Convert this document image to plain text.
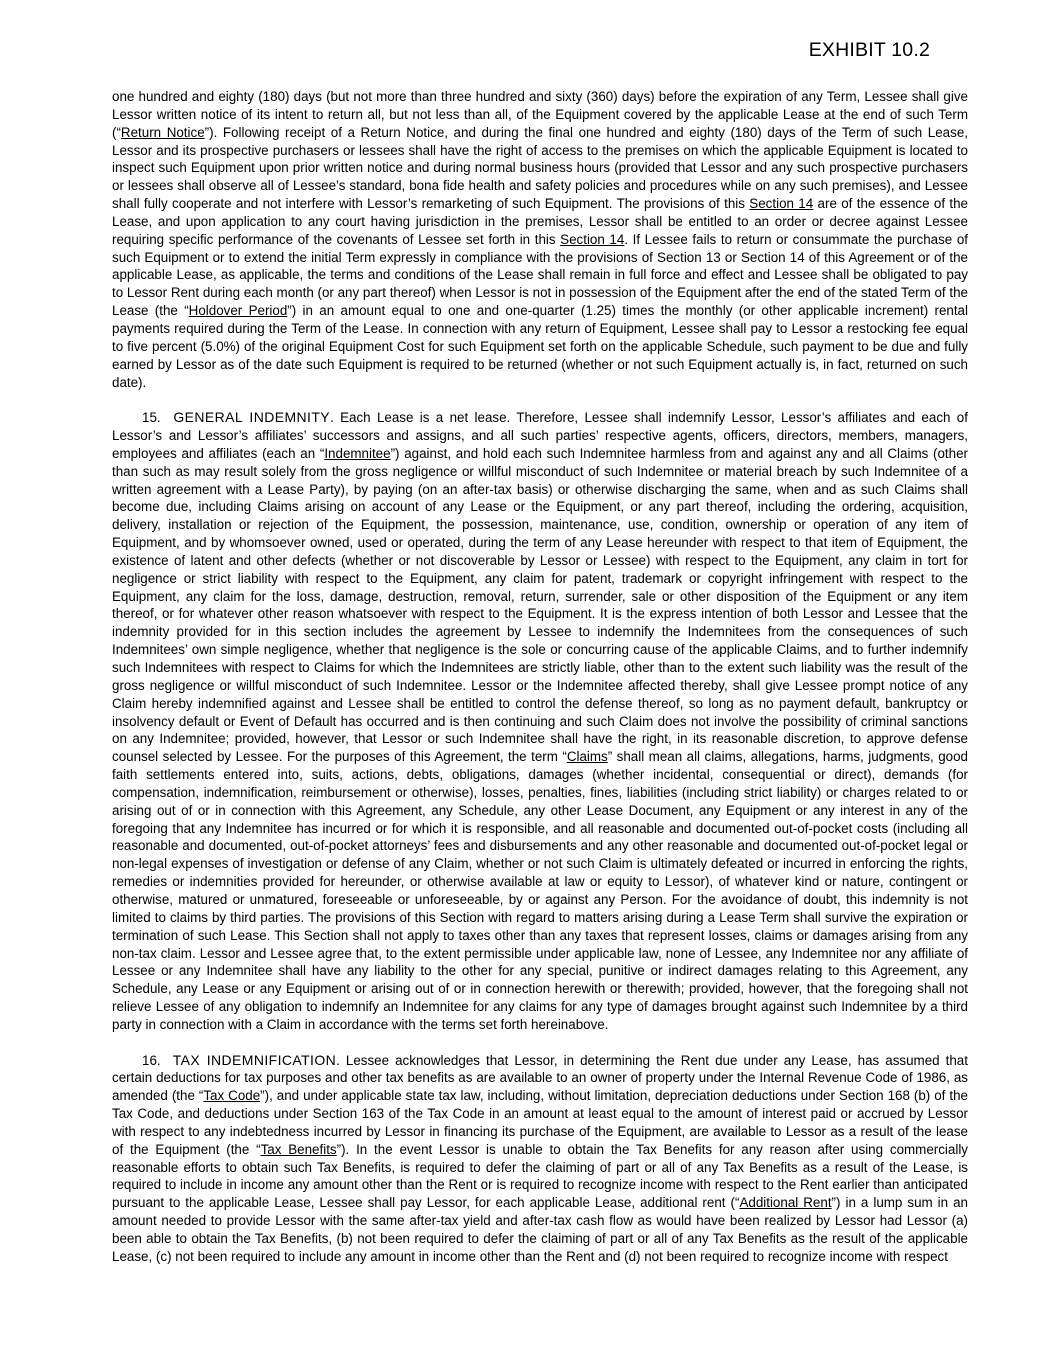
EXHIBIT 10.2

one hundred and eighty (180) days (but not more than three hundred and sixty (360) days) before the expiration of any Term, Lessee shall give Lessor written notice of its intent to return all, but not less than all, of the Equipment covered by the applicable Lease at the end of such Term (“Return Notice”). Following receipt of a Return Notice, and during the final one hundred and eighty (180) days of the Term of such Lease, Lessor and its prospective purchasers or lessees shall have the right of access to the premises on which the applicable Equipment is located to inspect such Equipment upon prior written notice and during normal business hours (provided that Lessor and any such prospective purchasers or lessees shall observe all of Lessee’s standard, bona fide health and safety policies and procedures while on any such premises), and Lessee shall fully cooperate and not interfere with Lessor’s remarketing of such Equipment. The provisions of this Section 14 are of the essence of the Lease, and upon application to any court having jurisdiction in the premises, Lessor shall be entitled to an order or decree against Lessee requiring specific performance of the covenants of Lessee set forth in this Section 14. If Lessee fails to return or consummate the purchase of such Equipment or to extend the initial Term expressly in compliance with the provisions of Section 13 or Section 14 of this Agreement or of the applicable Lease, as applicable, the terms and conditions of the Lease shall remain in full force and effect and Lessee shall be obligated to pay to Lessor Rent during each month (or any part thereof) when Lessor is not in possession of the Equipment after the end of the stated Term of the Lease (the “Holdover Period”) in an amount equal to one and one-quarter (1.25) times the monthly (or other applicable increment) rental payments required during the Term of the Lease. In connection with any return of Equipment, Lessee shall pay to Lessor a restocking fee equal to five percent (5.0%) of the original Equipment Cost for such Equipment set forth on the applicable Schedule, such payment to be due and fully earned by Lessor as of the date such Equipment is required to be returned (whether or not such Equipment actually is, in fact, returned on such date).

15. GENERAL INDEMNITY. Each Lease is a net lease. Therefore, Lessee shall indemnify Lessor, Lessor’s affiliates and each of Lessor’s and Lessor’s affiliates’ successors and assigns, and all such parties’ respective agents, officers, directors, members, managers, employees and affiliates (each an “Indemnitee”) against, and hold each such Indemnitee harmless from and against any and all Claims (other than such as may result solely from the gross negligence or willful misconduct of such Indemnitee or material breach by such Indemnitee of a written agreement with a Lease Party), by paying (on an after-tax basis) or otherwise discharging the same, when and as such Claims shall become due, including Claims arising on account of any Lease or the Equipment, or any part thereof, including the ordering, acquisition, delivery, installation or rejection of the Equipment, the possession, maintenance, use, condition, ownership or operation of any item of Equipment, and by whomsoever owned, used or operated, during the term of any Lease hereunder with respect to that item of Equipment, the existence of latent and other defects (whether or not discoverable by Lessor or Lessee) with respect to the Equipment, any claim in tort for negligence or strict liability with respect to the Equipment, any claim for patent, trademark or copyright infringement with respect to the Equipment, any claim for the loss, damage, destruction, removal, return, surrender, sale or other disposition of the Equipment or any item thereof, or for whatever other reason whatsoever with respect to the Equipment. It is the express intention of both Lessor and Lessee that the indemnity provided for in this section includes the agreement by Lessee to indemnify the Indemnitees from the consequences of such Indemnitees’ own simple negligence, whether that negligence is the sole or concurring cause of the applicable Claims, and to further indemnify such Indemnitees with respect to Claims for which the Indemnitees are strictly liable, other than to the extent such liability was the result of the gross negligence or willful misconduct of such Indemnitee. Lessor or the Indemnitee affected thereby, shall give Lessee prompt notice of any Claim hereby indemnified against and Lessee shall be entitled to control the defense thereof, so long as no payment default, bankruptcy or insolvency default or Event of Default has occurred and is then continuing and such Claim does not involve the possibility of criminal sanctions on any Indemnitee; provided, however, that Lessor or such Indemnitee shall have the right, in its reasonable discretion, to approve defense counsel selected by Lessee. For the purposes of this Agreement, the term “Claims” shall mean all claims, allegations, harms, judgments, good faith settlements entered into, suits, actions, debts, obligations, damages (whether incidental, consequential or direct), demands (for compensation, indemnification, reimbursement or otherwise), losses, penalties, fines, liabilities (including strict liability) or charges related to or arising out of or in connection with this Agreement, any Schedule, any other Lease Document, any Equipment or any interest in any of the foregoing that any Indemnitee has incurred or for which it is responsible, and all reasonable and documented out-of-pocket costs (including all reasonable and documented, out-of-pocket attorneys’ fees and disbursements and any other reasonable and documented out-of-pocket legal or non-legal expenses of investigation or defense of any Claim, whether or not such Claim is ultimately defeated or incurred in enforcing the rights, remedies or indemnities provided for hereunder, or otherwise available at law or equity to Lessor), of whatever kind or nature, contingent or otherwise, matured or unmatured, foreseeable or unforeseeable, by or against any Person. For the avoidance of doubt, this indemnity is not limited to claims by third parties. The provisions of this Section with regard to matters arising during a Lease Term shall survive the expiration or termination of such Lease. This Section shall not apply to taxes other than any taxes that represent losses, claims or damages arising from any non-tax claim. Lessor and Lessee agree that, to the extent permissible under applicable law, none of Lessee, any Indemnitee nor any affiliate of Lessee or any Indemnitee shall have any liability to the other for any special, punitive or indirect damages relating to this Agreement, any Schedule, any Lease or any Equipment or arising out of or in connection herewith or therewith; provided, however, that the foregoing shall not relieve Lessee of any obligation to indemnify an Indemnitee for any claims for any type of damages brought against such Indemnitee by a third party in connection with a Claim in accordance with the terms set forth hereinabove.

16. TAX INDEMNIFICATION. Lessee acknowledges that Lessor, in determining the Rent due under any Lease, has assumed that certain deductions for tax purposes and other tax benefits as are available to an owner of property under the Internal Revenue Code of 1986, as amended (the “Tax Code”), and under applicable state tax law, including, without limitation, depreciation deductions under Section 168 (b) of the Tax Code, and deductions under Section 163 of the Tax Code in an amount at least equal to the amount of interest paid or accrued by Lessor with respect to any indebtedness incurred by Lessor in financing its purchase of the Equipment, are available to Lessor as a result of the lease of the Equipment (the “Tax Benefits”). In the event Lessor is unable to obtain the Tax Benefits for any reason after using commercially reasonable efforts to obtain such Tax Benefits, is required to defer the claiming of part or all of any Tax Benefits as a result of the Lease, is required to include in income any amount other than the Rent or is required to recognize income with respect to the Rent earlier than anticipated pursuant to the applicable Lease, Lessee shall pay Lessor, for each applicable Lease, additional rent (“Additional Rent”) in a lump sum in an amount needed to provide Lessor with the same after-tax yield and after-tax cash flow as would have been realized by Lessor had Lessor (a) been able to obtain the Tax Benefits, (b) not been required to defer the claiming of part or all of any Tax Benefits as the result of the applicable Lease, (c) not been required to include any amount in income other than the Rent and (d) not been required to recognize income with respect
